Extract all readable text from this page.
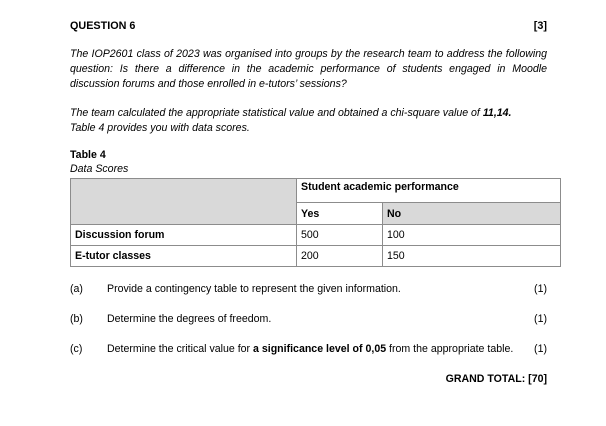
QUESTION 6	[3]
The IOP2601 class of 2023 was organised into groups by the research team to address the following question: Is there a difference in the academic performance of students engaged in Moodle discussion forums and those enrolled in e-tutors’ sessions?
The team calculated the appropriate statistical value and obtained a chi-square value of 11,14.
Table 4 provides you with data scores.
Table 4
Data Scores
	Student academic performance	
	Yes	No
Discussion forum	500	100
E-tutor classes	200	150
(a) Provide a contingency table to represent the given information.	(1)
(b) Determine the degrees of freedom.	(1)
(c) Determine the critical value for a significance level of 0,05 from the appropriate table. (1)
GRAND TOTAL: [70]
